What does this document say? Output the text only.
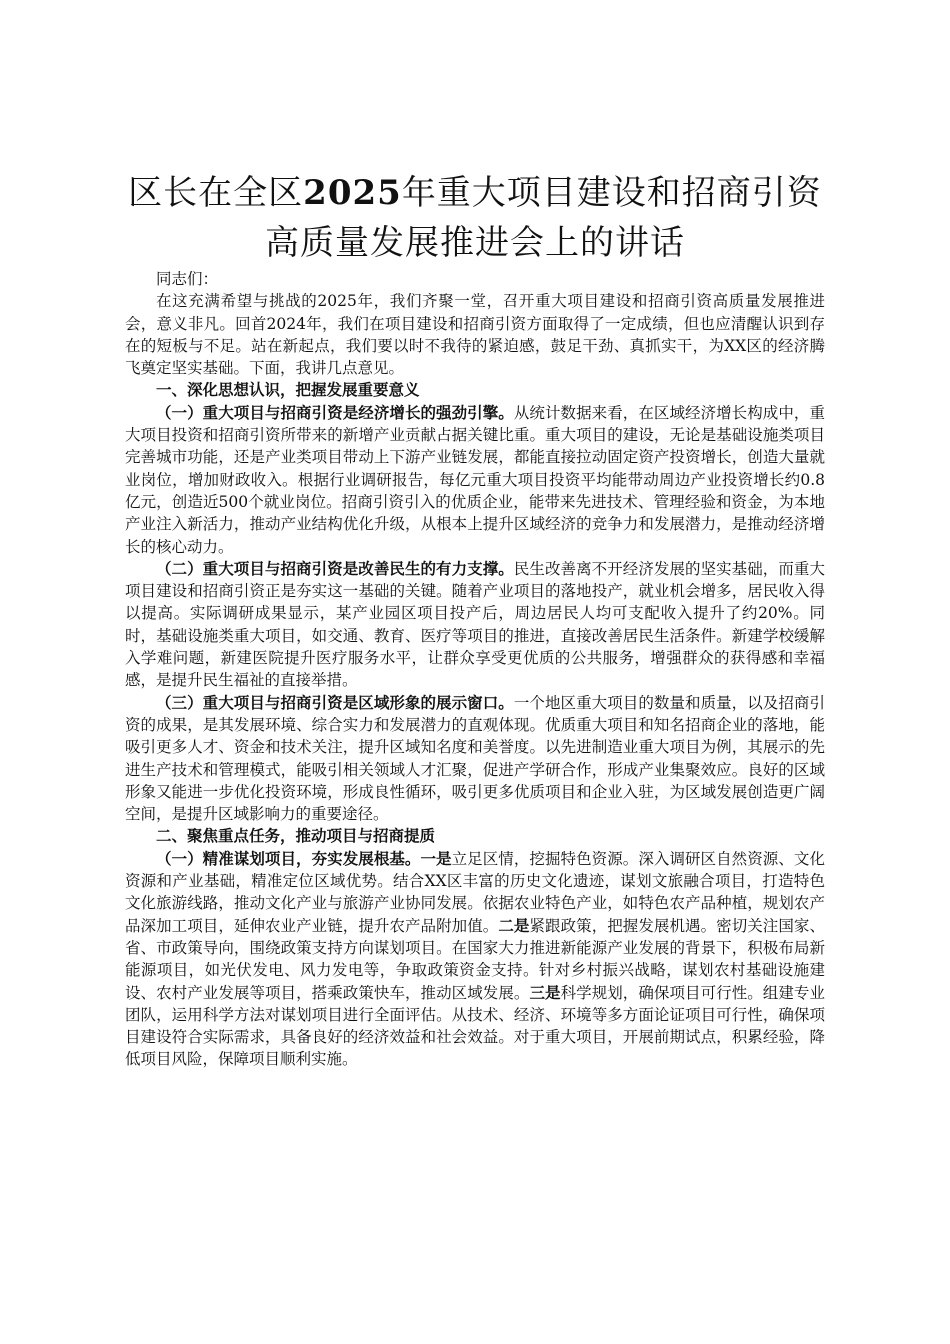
区长在全区2025年重大项目建设和招商引资
高质量发展推进会上的讲话

同志们：

在这充满希望与挑战的2025年，我们齐聚一堂，召开重大项目建设和招商引资高质量发展推进会，意义非凡。回首2024年，我们在项目建设和招商引资方面取得了一定成绩，但也应清醒认识到存在的短板与不足。站在新起点，我们要以时不我待的紧迫感，鼓足干劲、真抓实干，为XX区的经济腾飞奠定坚实基础。下面，我讲几点意见。

一、深化思想认识，把握发展重要意义

（一）重大项目与招商引资是经济增长的强劲引擎。从统计数据来看，在区域经济增长构成中，重大项目投资和招商引资所带来的新增产业贡献占据关键比重。重大项目的建设，无论是基础设施类项目完善城市功能，还是产业类项目带动上下游产业链发展，都能直接拉动固定资产投资增长，创造大量就业岗位，增加财政收入。根据行业调研报告，每亿元重大项目投资平均能带动周边产业投资增长约0.8亿元，创造近500个就业岗位。招商引资引入的优质企业，能带来先进技术、管理经验和资金，为本地产业注入新活力，推动产业结构优化升级，从根本上提升区域经济的竞争力和发展潜力，是推动经济增长的核心动力。

（二）重大项目与招商引资是改善民生的有力支撑。民生改善离不开经济发展的坚实基础，而重大项目建设和招商引资正是夯实这一基础的关键。随着产业项目的落地投产，就业机会增多，居民收入得以提高。实际调研成果显示，某产业园区项目投产后，周边居民人均可支配收入提升了约20%。同时，基础设施类重大项目，如交通、教育、医疗等项目的推进，直接改善居民生活条件。新建学校缓解入学难问题，新建医院提升医疗服务水平，让群众享受更优质的公共服务，增强群众的获得感和幸福感，是提升民生福祉的直接举措。

（三）重大项目与招商引资是区域形象的展示窗口。一个地区重大项目的数量和质量，以及招商引资的成果，是其发展环境、综合实力和发展潜力的直观体现。优质重大项目和知名招商企业的落地，能吸引更多人才、资金和技术关注，提升区域知名度和美誉度。以先进制造业重大项目为例，其展示的先进生产技术和管理模式，能吸引相关领域人才汇聚，促进产学研合作，形成产业集聚效应。良好的区域形象又能进一步优化投资环境，形成良性循环，吸引更多优质项目和企业入驻，为区域发展创造更广阔空间，是提升区域影响力的重要途径。

二、聚焦重点任务，推动项目与招商提质

（一）精准谋划项目，夯实发展根基。一是立足区情，挖掘特色资源。深入调研区自然资源、文化资源和产业基础，精准定位区域优势。结合XX区丰富的历史文化遗迹，谋划文旅融合项目，打造特色文化旅游线路，推动文化产业与旅游产业协同发展。依据农业特色产业，如特色农产品种植，规划农产品深加工项目，延伸农业产业链，提升农产品附加值。二是紧跟政策，把握发展机遇。密切关注国家、省、市政策导向，围绕政策支持方向谋划项目。在国家大力推进新能源产业发展的背景下，积极布局新能源项目，如光伏发电、风力发电等，争取政策资金支持。针对乡村振兴战略，谋划农村基础设施建设、农村产业发展等项目，搭乘政策快车，推动区域发展。三是科学规划，确保项目可行性。组建专业团队，运用科学方法对谋划项目进行全面评估。从技术、经济、环境等多方面论证项目可行性，确保项目建设符合实际需求，具备良好的经济效益和社会效益。对于重大项目，开展前期试点，积累经验，降低项目风险，保障项目顺利实施。
